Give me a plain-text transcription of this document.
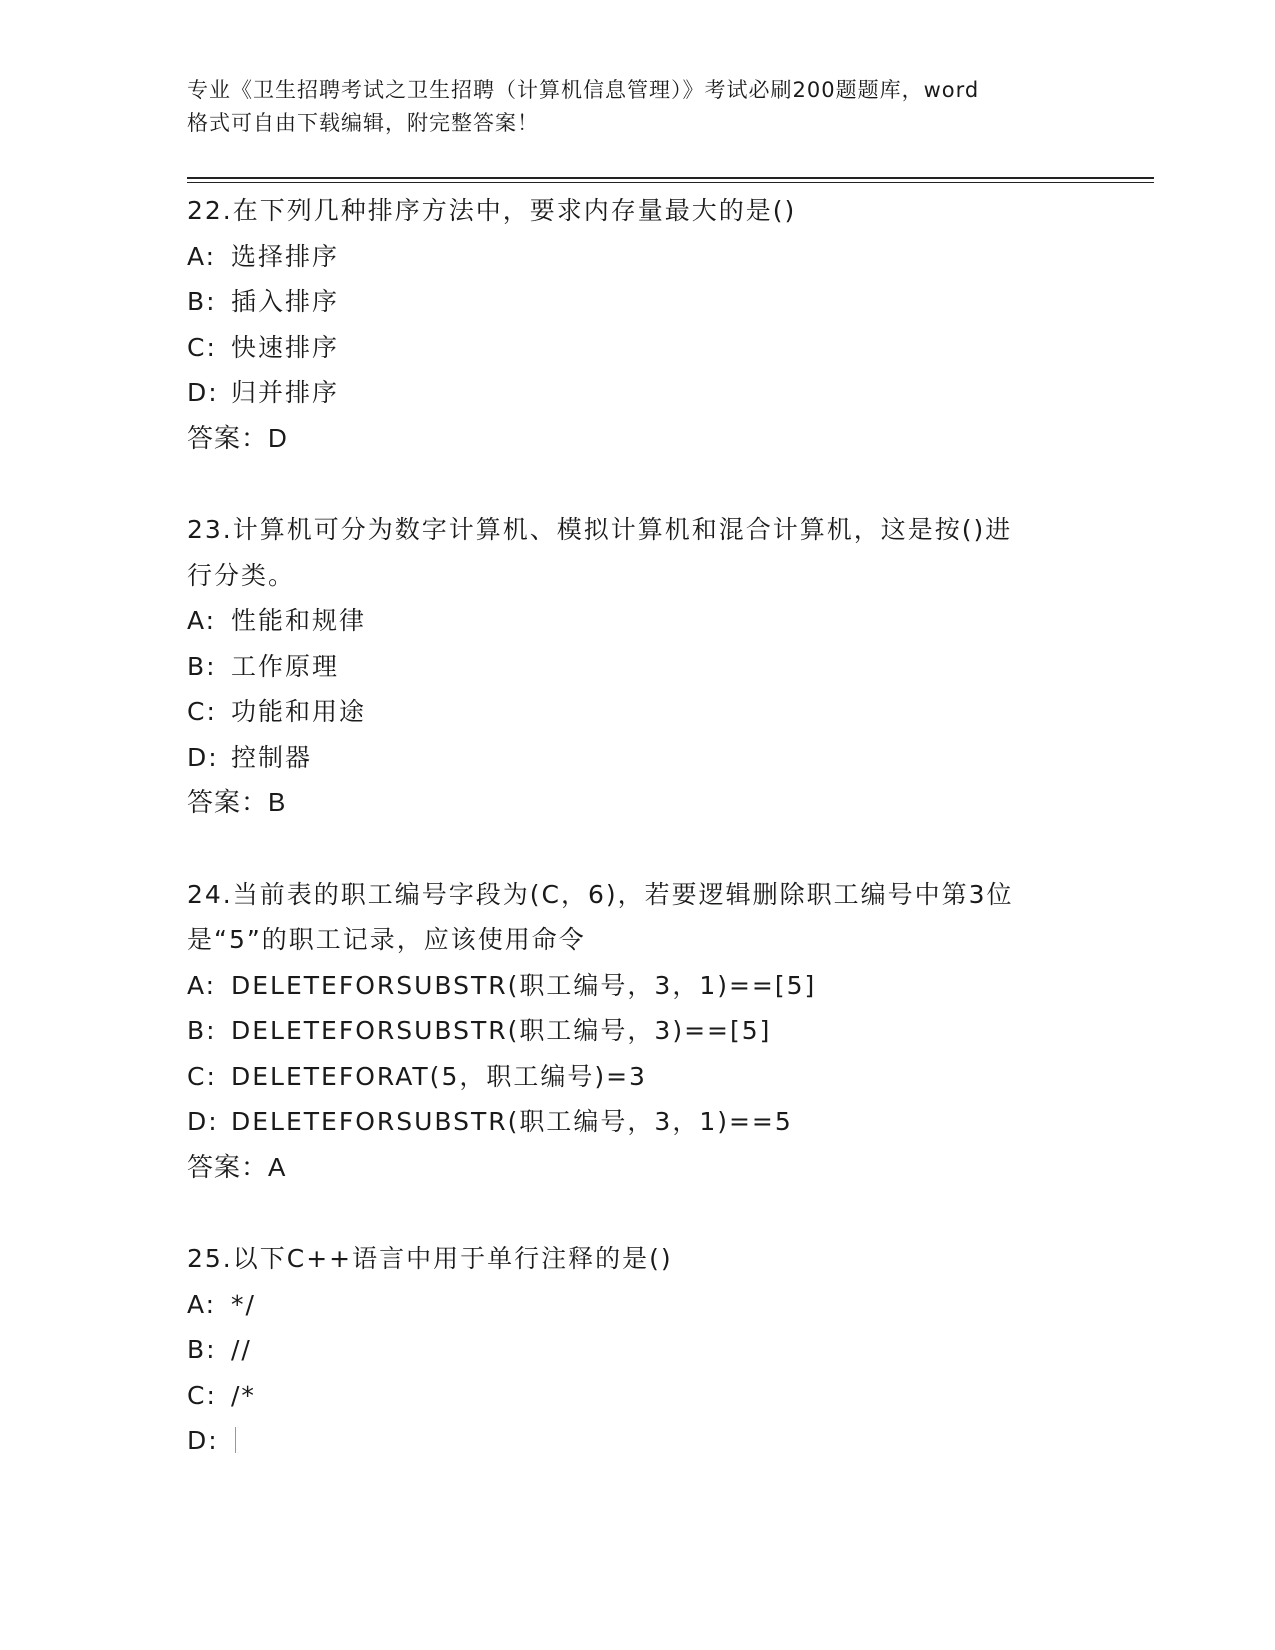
专业《卫生招聘考试之卫生招聘（计算机信息管理）》考试必刷200题题库，word
格式可自由下载编辑，附完整答案！
22.在下列几种排序方法中，要求内存量最大的是()
A: 选择排序
B: 插入排序
C: 快速排序
D: 归并排序
答案：D
23.计算机可分为数字计算机、模拟计算机和混合计算机，这是按()进
行分类。
A: 性能和规律
B: 工作原理
C: 功能和用途
D: 控制器
答案：B
24.当前表的职工编号字段为(C，6)，若要逻辑删除职工编号中第3位
是“5”的职工记录，应该使用命令
A: DELETEFORSUBSTR(职工编号，3，1)==[5]
B: DELETEFORSUBSTR(职工编号，3)==[5]
C: DELETEFORAT(5，职工编号)=3
D: DELETEFORSUBSTR(职工编号，3，1)==5
答案：A
25.以下C++语言中用于单行注释的是()
A: */
B: //
C: /*
D:
